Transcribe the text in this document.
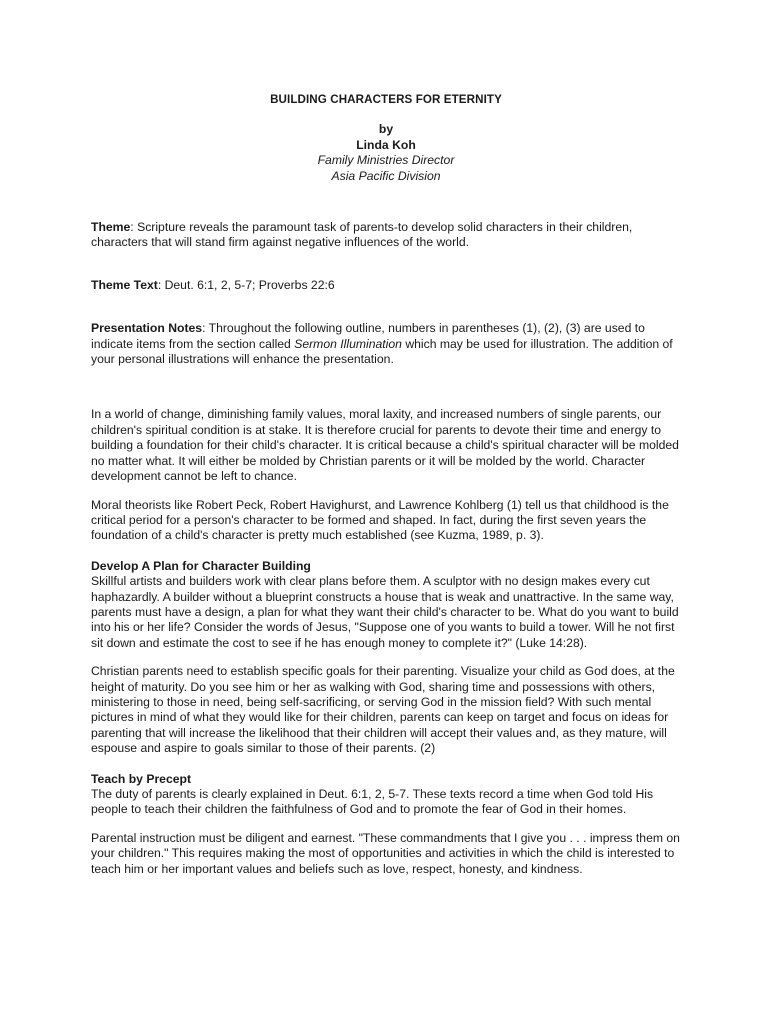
BUILDING CHARACTERS FOR ETERNITY

by
Linda Koh
Family Ministries Director
Asia Pacific Division

Theme: Scripture reveals the paramount task of parents-to develop solid characters in their children, characters that will stand firm against negative influences of the world.

Theme Text: Deut. 6:1, 2, 5-7; Proverbs 22:6

Presentation Notes: Throughout the following outline, numbers in parentheses (1), (2), (3) are used to indicate items from the section called Sermon Illumination which may be used for illustration. The addition of your personal illustrations will enhance the presentation.

In a world of change, diminishing family values, moral laxity, and increased numbers of single parents, our children's spiritual condition is at stake. It is therefore crucial for parents to devote their time and energy to building a foundation for their child's character. It is critical because a child's spiritual character will be molded no matter what. It will either be molded by Christian parents or it will be molded by the world. Character development cannot be left to chance.

Moral theorists like Robert Peck, Robert Havighurst, and Lawrence Kohlberg (1) tell us that childhood is the critical period for a person's character to be formed and shaped. In fact, during the first seven years the foundation of a child's character is pretty much established (see Kuzma, 1989, p. 3).

Develop A Plan for Character Building

Skillful artists and builders work with clear plans before them. A sculptor with no design makes every cut haphazardly. A builder without a blueprint constructs a house that is weak and unattractive. In the same way, parents must have a design, a plan for what they want their child's character to be. What do you want to build into his or her life? Consider the words of Jesus, "Suppose one of you wants to build a tower. Will he not first sit down and estimate the cost to see if he has enough money to complete it?" (Luke 14:28).

Christian parents need to establish specific goals for their parenting. Visualize your child as God does, at the height of maturity. Do you see him or her as walking with God, sharing time and possessions with others, ministering to those in need, being self-sacrificing, or serving God in the mission field? With such mental pictures in mind of what they would like for their children, parents can keep on target and focus on ideas for parenting that will increase the likelihood that their children will accept their values and, as they mature, will espouse and aspire to goals similar to those of their parents. (2)

Teach by Precept

The duty of parents is clearly explained in Deut. 6:1, 2, 5-7. These texts record a time when God told His people to teach their children the faithfulness of God and to promote the fear of God in their homes.

Parental instruction must be diligent and earnest. "These commandments that I give you . . . impress them on your children." This requires making the most of opportunities and activities in which the child is interested to teach him or her important values and beliefs such as love, respect, honesty, and kindness.
